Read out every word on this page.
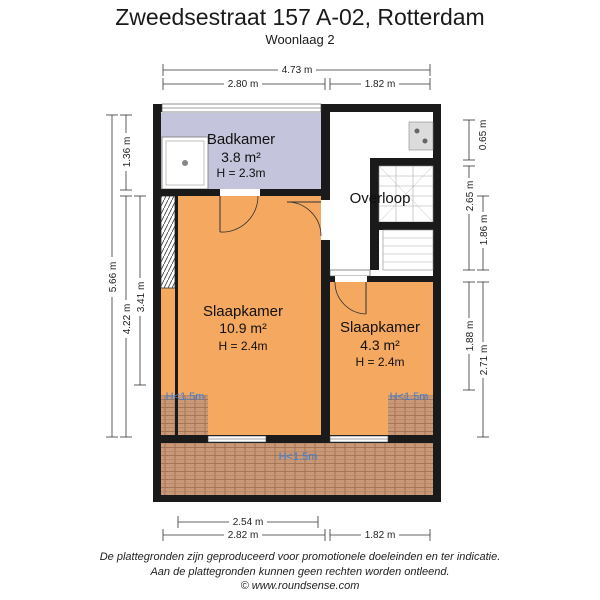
Zweedsestraat 157 A-02, Rotterdam
Woonlaag 2
4.73 m
2.80 m	1.82 m
2.54 m
2.82 m	1.82 m
5.66 m
1.36 m
4.22 m
3.41 m
0.65 m
2.65 m
1.86 m
1.88 m
2.71 m
Badkamer
3.8 m²
H = 2.3m
Overloop
Slaapkamer
10.9 m²
H = 2.4m
Slaapkamer
4.3 m²
H = 2.4m
H<1.5m	H<1.5m
H<1.5m
De plattegronden zijn geproduceerd voor promotionele doeleinden en ter indicatie.
Aan de plattegronden kunnen geen rechten worden ontleend.
© www.roundsense.com
